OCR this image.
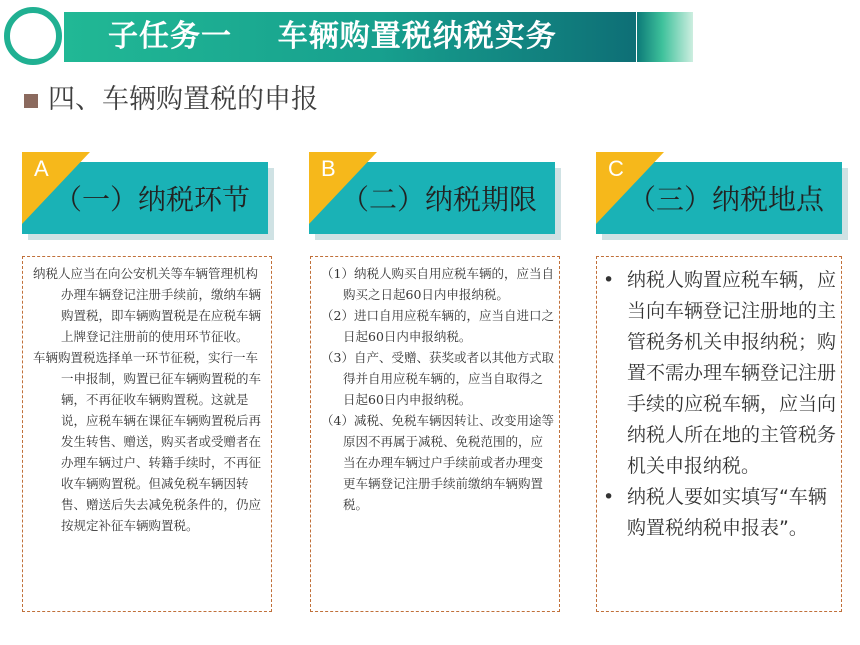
子任务一    车辆购置税纳税实务
四、车辆购置税的申报
A
（一）纳税环节
B
（二）纳税期限
C
（三）纳税地点

纳税人应当在向公安机关等车辆管理机构办理车辆登记注册手续前，缴纳车辆购置税，即车辆购置税是在应税车辆上牌登记注册前的使用环节征收。

车辆购置税选择单一环节征税，实行一车一申报制，购置已征车辆购置税的车辆，不再征收车辆购置税。这就是说，应税车辆在课征车辆购置税后再发生转售、赠送，购买者或受赠者在办理车辆过户、转籍手续时，不再征收车辆购置税。但减免税车辆因转售、赠送后失去减免税条件的，仍应按规定补征车辆购置税。

（1）纳税人购买自用应税车辆的，应当自购买之日起60日内申报纳税。

（2）进口自用应税车辆的，应当自进口之日起60日内申报纳税。

（3）自产、受赠、获奖或者以其他方式取得并自用应税车辆的，应当自取得之日起60日内申报纳税。

（4）减税、免税车辆因转让、改变用途等原因不再属于减税、免税范围的，应当在办理车辆过户手续前或者办理变更车辆登记注册手续前缴纳车辆购置税。

• 纳税人购置应税车辆，应当向车辆登记注册地的主管税务机关申报纳税；购置不需办理车辆登记注册手续的应税车辆，应当向纳税人所在地的主管税务机关申报纳税。
• 纳税人要如实填写“车辆购置税纳税申报表”。
